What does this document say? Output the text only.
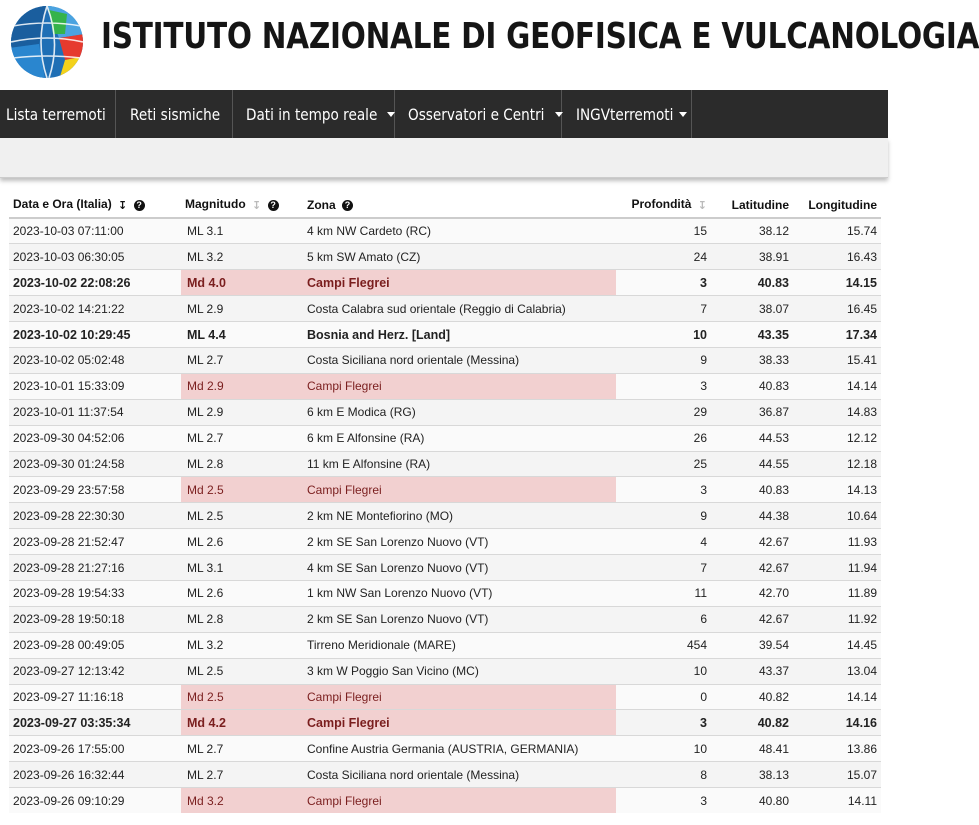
ISTITUTO NAZIONALE DI GEOFISICA E VULCANOLOGIA
Lista terremoti Reti sismiche Dati in tempo reale Osservatori e Centri INGVterremoti
Data e Ora (Italia) ↧ ?	Magnitudo ↧ ?	Zona ?	Profondità ↧	Latitudine	Longitudine
2023-10-03 07:11:00	ML 3.1	4 km NW Cardeto (RC)	15	38.12	15.74
2023-10-03 06:30:05	ML 3.2	5 km SW Amato (CZ)	24	38.91	16.43
2023-10-02 22:08:26	Md 4.0	Campi Flegrei	3	40.83	14.15
2023-10-02 14:21:22	ML 2.9	Costa Calabra sud orientale (Reggio di Calabria)	7	38.07	16.45
2023-10-02 10:29:45	ML 4.4	Bosnia and Herz. [Land]	10	43.35	17.34
2023-10-02 05:02:48	ML 2.7	Costa Siciliana nord orientale (Messina)	9	38.33	15.41
2023-10-01 15:33:09	Md 2.9	Campi Flegrei	3	40.83	14.14
2023-10-01 11:37:54	ML 2.9	6 km E Modica (RG)	29	36.87	14.83
2023-09-30 04:52:06	ML 2.7	6 km E Alfonsine (RA)	26	44.53	12.12
2023-09-30 01:24:58	ML 2.8	11 km E Alfonsine (RA)	25	44.55	12.18
2023-09-29 23:57:58	Md 2.5	Campi Flegrei	3	40.83	14.13
2023-09-28 22:30:30	ML 2.5	2 km NE Montefiorino (MO)	9	44.38	10.64
2023-09-28 21:52:47	ML 2.6	2 km SE San Lorenzo Nuovo (VT)	4	42.67	11.93
2023-09-28 21:27:16	ML 3.1	4 km SE San Lorenzo Nuovo (VT)	7	42.67	11.94
2023-09-28 19:54:33	ML 2.6	1 km NW San Lorenzo Nuovo (VT)	11	42.70	11.89
2023-09-28 19:50:18	ML 2.8	2 km SE San Lorenzo Nuovo (VT)	6	42.67	11.92
2023-09-28 00:49:05	ML 3.2	Tirreno Meridionale (MARE)	454	39.54	14.45
2023-09-27 12:13:42	ML 2.5	3 km W Poggio San Vicino (MC)	10	43.37	13.04
2023-09-27 11:16:18	Md 2.5	Campi Flegrei	0	40.82	14.14
2023-09-27 03:35:34	Md 4.2	Campi Flegrei	3	40.82	14.16
2023-09-26 17:55:00	ML 2.7	Confine Austria Germania (AUSTRIA, GERMANIA)	10	48.41	13.86
2023-09-26 16:32:44	ML 2.7	Costa Siciliana nord orientale (Messina)	8	38.13	15.07
2023-09-26 09:10:29	Md 3.2	Campi Flegrei	3	40.80	14.11
